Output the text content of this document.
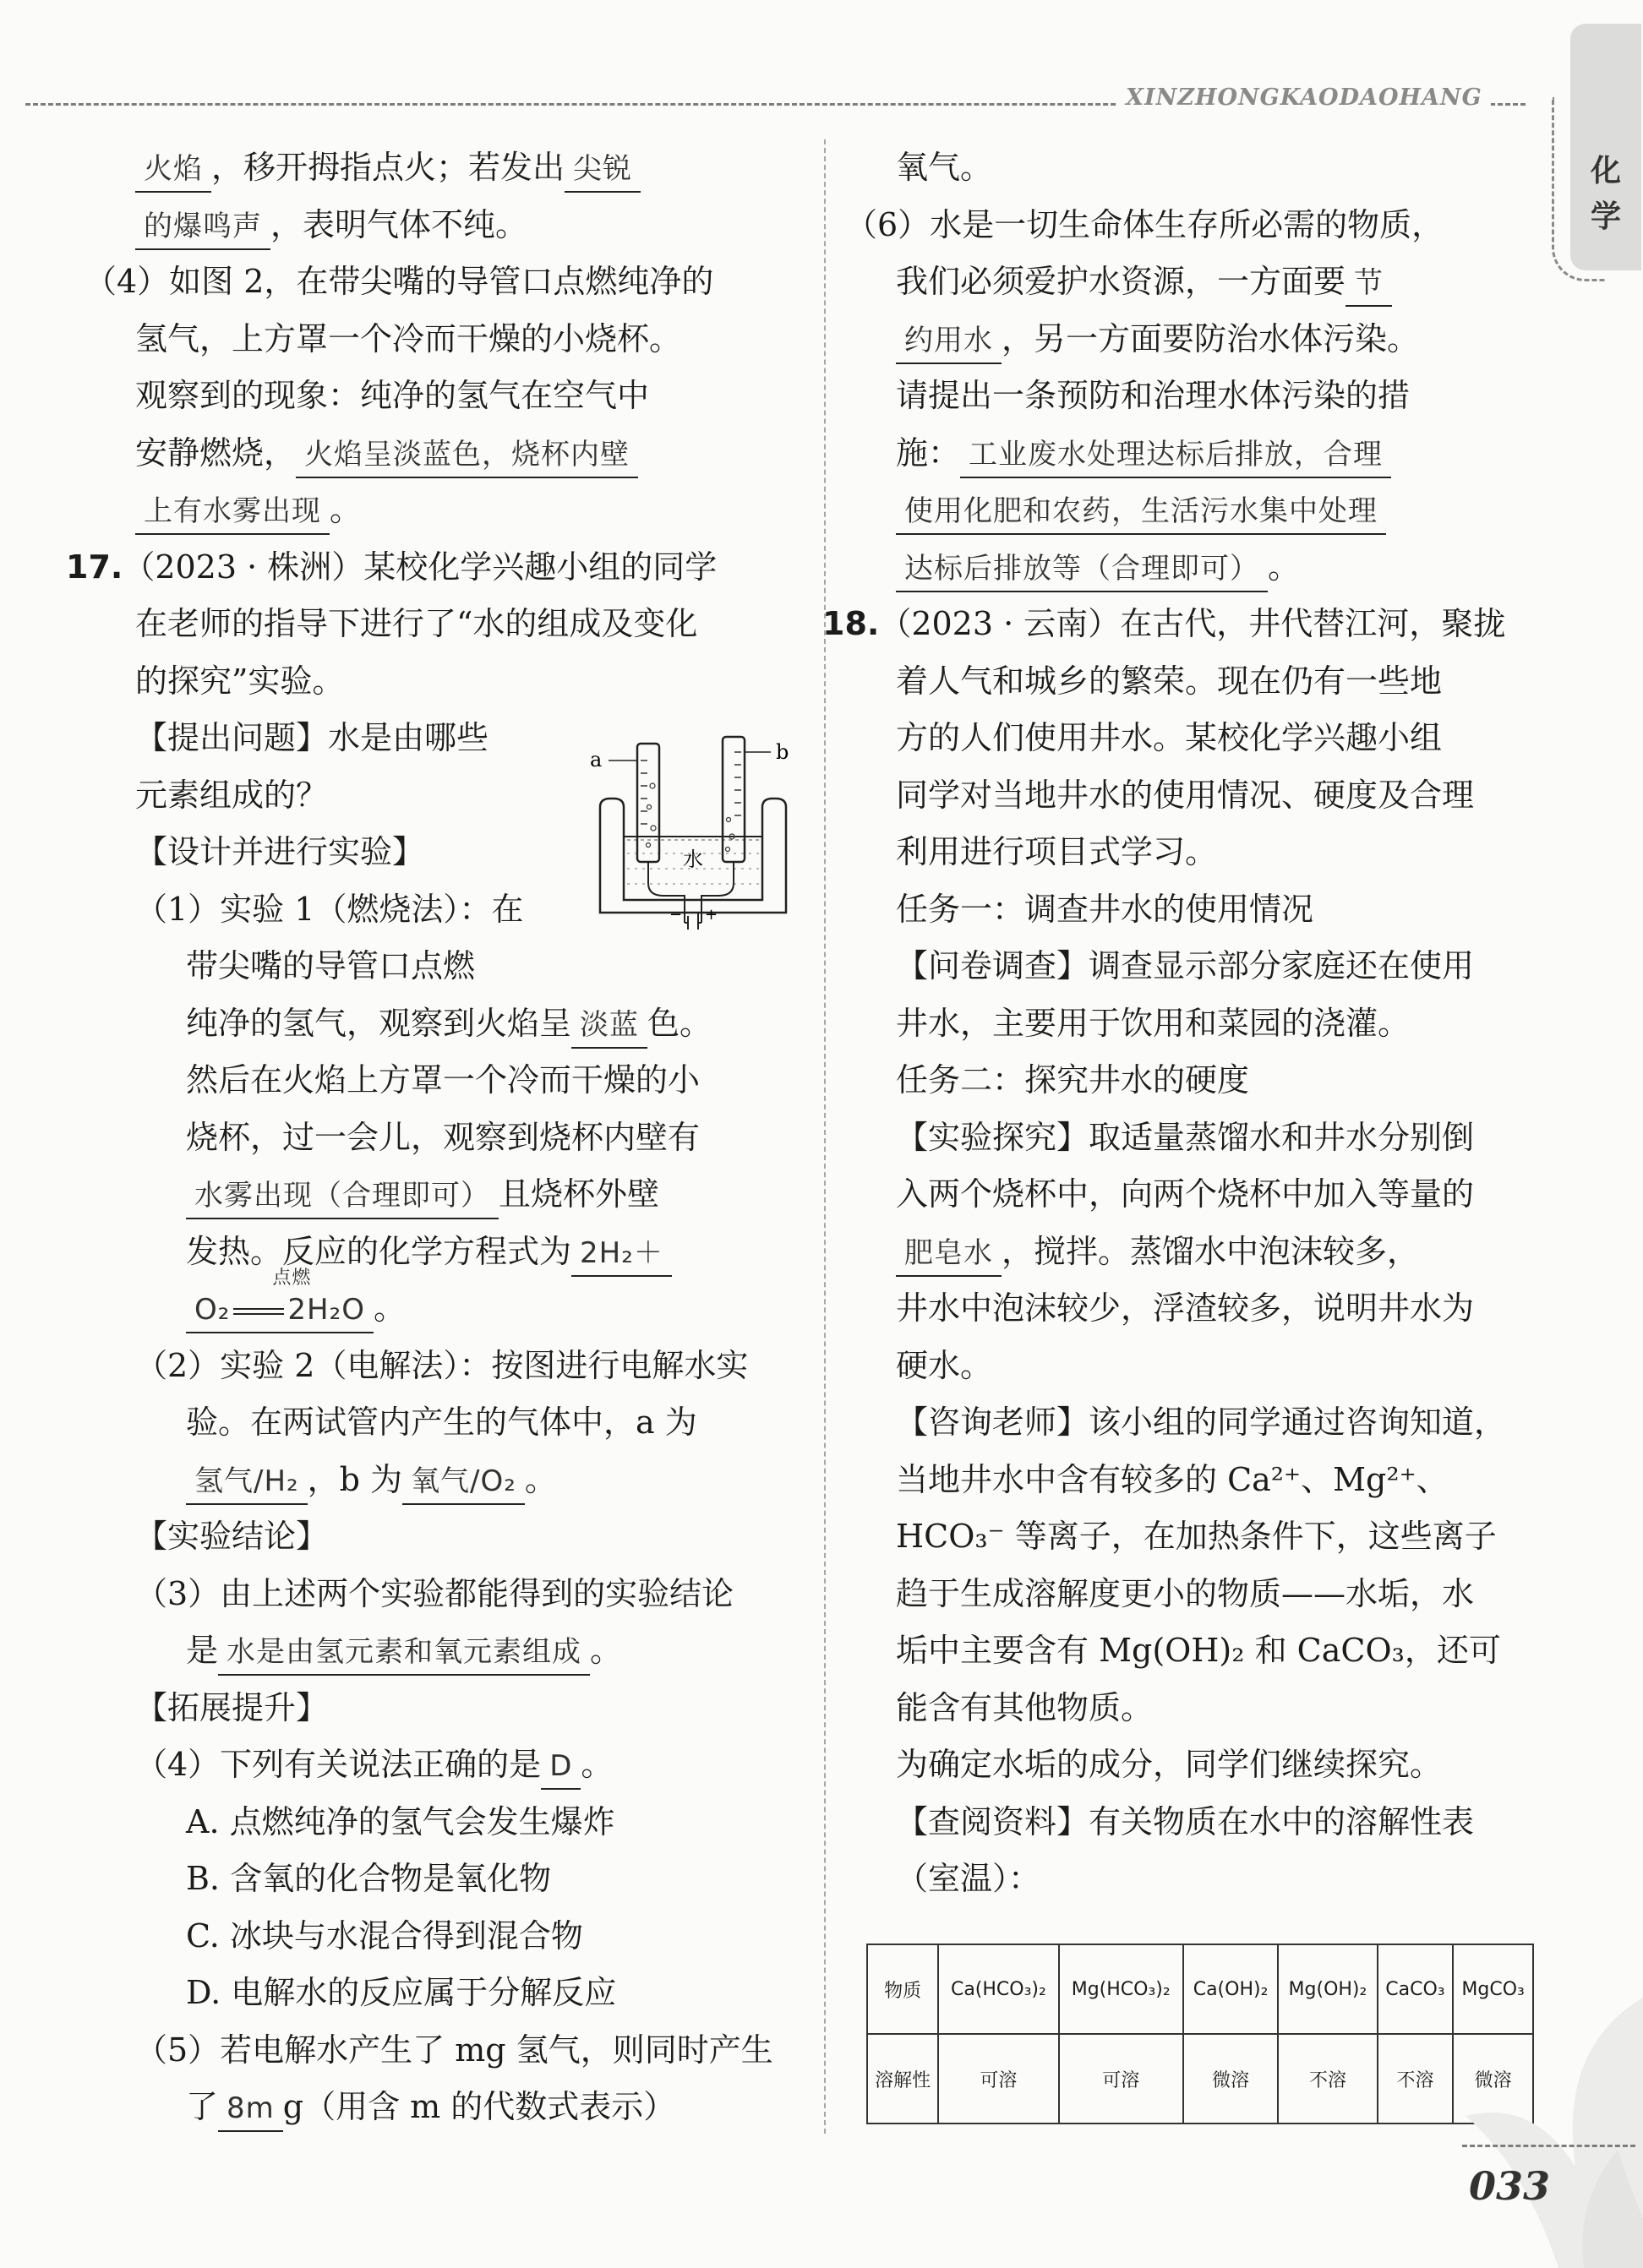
XINZHONGKAODAOHANG
化学

火焰 ，移开拇指点火；若发出 尖锐

的爆鸣声 ，表明气体不纯。

（4）如图 2，在带尖嘴的导管口点燃纯净的

氢气，上方罩一个冷而干燥的小烧杯。

观察到的现象：纯净的氢气在空气中

安静燃烧， 火焰呈淡蓝色，烧杯内壁

上有水雾出现 。

17.（2023 · 株洲）某校化学兴趣小组的同学

在老师的指导下进行了“水的组成及变化

的探究”实验。

− +
a	b
水

【提出问题】水是由哪些

元素组成的？

【设计并进行实验】

（1）实验 1（燃烧法）：在

带尖嘴的导管口点燃

纯净的氢气，观察到火焰呈 淡蓝 色。

然后在火焰上方罩一个冷而干燥的小

烧杯，过一会儿，观察到烧杯内壁有

水雾出现（合理即可） 且烧杯外壁

发热。反应的化学方程式为 2H₂＋

O₂
点燃
2H₂O 。

（2）实验 2（电解法）：按图进行电解水实

验。在两试管内产生的气体中，a 为

氢气/H₂ ，b 为 氧气/O₂ 。

【实验结论】

（3）由上述两个实验都能得到的实验结论

是 水是由氢元素和氧元素组成 。

【拓展提升】

（4）下列有关说法正确的是 D 。

A. 点燃纯净的氢气会发生爆炸

B. 含氧的化合物是氧化物

C. 冰块与水混合得到混合物

D. 电解水的反应属于分解反应

（5）若电解水产生了 mg 氢气，则同时产生

了 8m g（用含 m 的代数式表示）

氧气。

（6）水是一切生命体生存所必需的物质，

我们必须爱护水资源，一方面要 节

约用水 ，另一方面要防治水体污染。

请提出一条预防和治理水体污染的措

施： 工业废水处理达标后排放，合理

使用化肥和农药，生活污水集中处理

达标后排放等（合理即可） 。

18.（2023 · 云南）在古代，井代替江河，聚拢

着人气和城乡的繁荣。现在仍有一些地

方的人们使用井水。某校化学兴趣小组

同学对当地井水的使用情况、硬度及合理

利用进行项目式学习。

任务一：调查井水的使用情况

【问卷调查】调查显示部分家庭还在使用

井水，主要用于饮用和菜园的浇灌。

任务二：探究井水的硬度

【实验探究】取适量蒸馏水和井水分别倒

入两个烧杯中，向两个烧杯中加入等量的

肥皂水 ，搅拌。蒸馏水中泡沫较多，

井水中泡沫较少，浮渣较多，说明井水为

硬水。

【咨询老师】该小组的同学通过咨询知道，

当地井水中含有较多的 Ca²⁺、Mg²⁺、

HCO₃⁻ 等离子，在加热条件下，这些离子

趋于生成溶解度更小的物质——水垢，水

垢中主要含有 Mg(OH)₂ 和 CaCO₃，还可

能含有其他物质。

为确定水垢的成分，同学们继续探究。

【查阅资料】有关物质在水中的溶解性表

（室温）：

物质	Ca(HCO₃)₂	Mg(HCO₃)₂	Ca(OH)₂	Mg(OH)₂	CaCO₃	MgCO₃
溶解性	可溶	可溶	微溶	不溶	不溶	微溶
033
